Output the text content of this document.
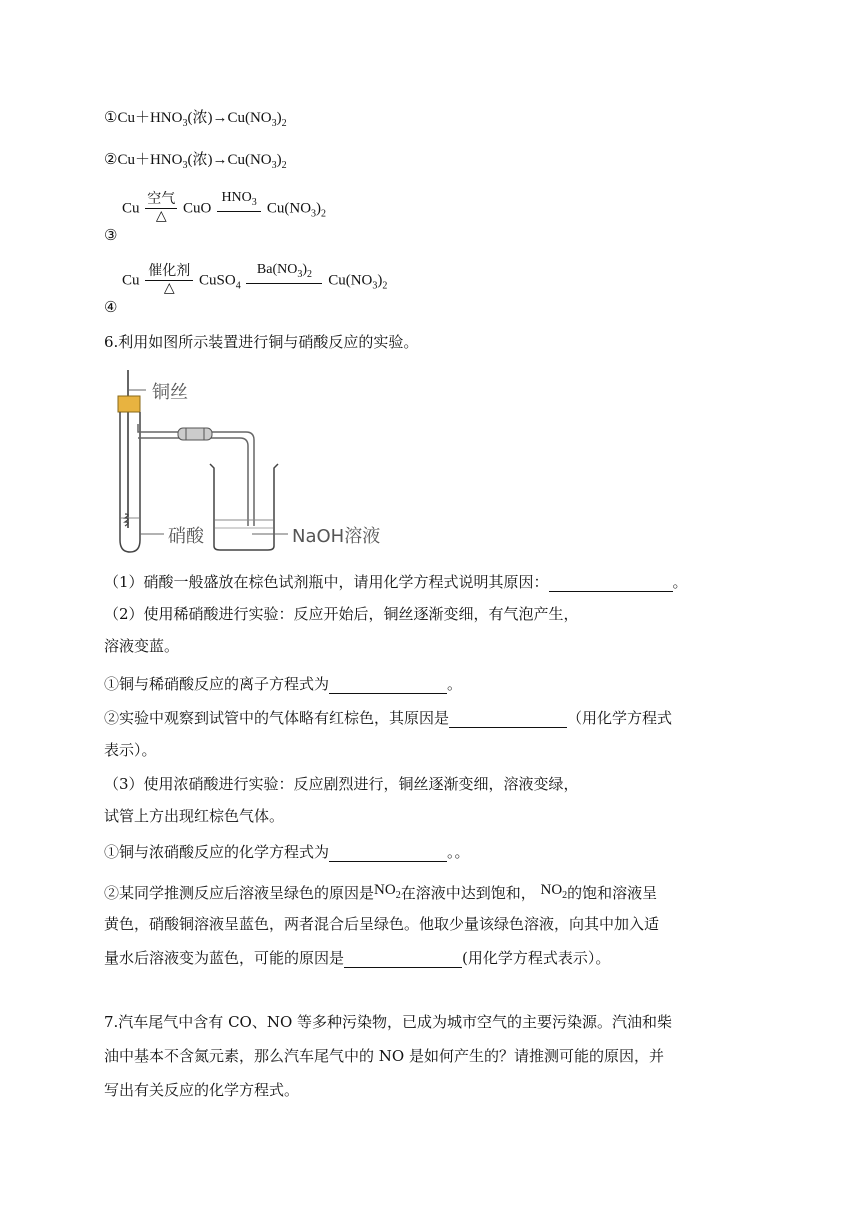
$①Cu+HNO_3$(浓)$\to Cu(NO_3)_2$
$②Cu+HNO_3$(浓)$\to Cu(NO_3)_2$
Cu
空气
△
CuO
$HNO_3$
$Cu(NO_3)_2$
③
Cu
催化剂
△
CuSO$_4$
$Ba(NO_3)_2$
	$Cu(NO_3)_2$
④
6.利用如图所示装置进行铜与硝酸反应的实验。
铜丝
硝酸	NaOH溶液
（1）硝酸一般盛放在棕色试剂瓶中，请用化学方程式说明其原因：	。
（2）使用稀硝酸进行实验：反应开始后，铜丝逐渐变细，有气泡产生，
溶液变蓝。
①铜与稀硝酸反应的离子方程式为	。
②实验中观察到试管中的气体略有红棕色，其原因是	（用化学方程式
表示）。
（3）使用浓硝酸进行实验：反应剧烈进行，铜丝逐渐变细，溶液变绿，
试管上方出现红棕色气体。
①铜与浓硝酸反应的化学方程式为	。。
②某同学推测反应后溶液呈绿色的原因是$NO_2$在溶液中达到饱和， $NO_2$的饱和溶液呈
黄色，硝酸铜溶液呈蓝色，两者混合后呈绿色。他取少量该绿色溶液，向其中加入适
量水后溶液变为蓝色，可能的原因是	(用化学方程式表示）。
7.汽车尾气中含有 CO、NO 等多种污染物，已成为城市空气的主要污染源。汽油和柴
油中基本不含氮元素，那么汽车尾气中的 NO 是如何产生的？请推测可能的原因，并
写出有关反应的化学方程式。
